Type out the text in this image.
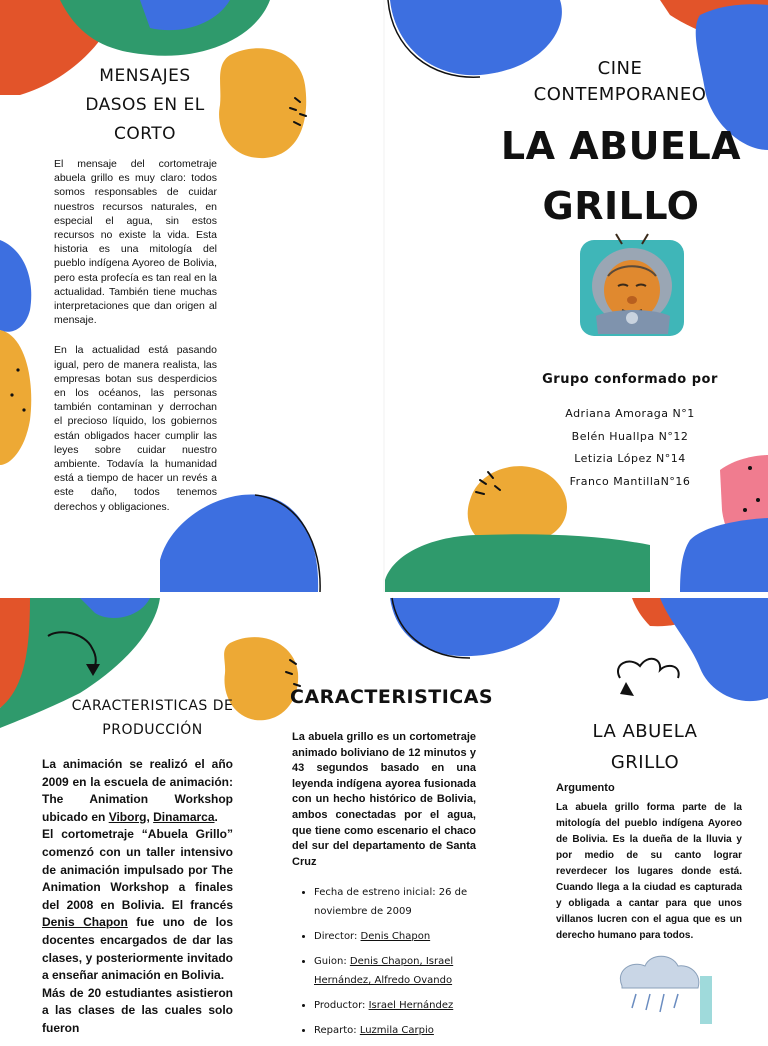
MENSAJES
DASOS EN EL
CORTO

El mensaje del cortometraje abuela grillo es muy claro: todos somos responsables de cuidar nuestros recursos naturales, en especial el agua, sin estos recursos no existe la vida. Esta historia es una mitología del pueblo indígena Ayoreo de Bolivia, pero esta profecía es tan real en la actualidad. También tiene muchas interpretaciones que dan origen al mensaje.

En la actualidad está pasando igual, pero de manera realista, las empresas botan sus desperdicios en los océanos, las personas también contaminan y derrochan el precioso líquido, los gobiernos están obligados hacer cumplir las leyes sobre cuidar nuestro ambiente. Todavía la humanidad está a tiempo de hacer un revés a este daño, todos tenemos derechos y obligaciones.

CINE
CONTEMPORANEO
LA ABUELA
GRILLO
Grupo conformado por
Adriana Amoraga N°1
Belén Huallpa N°12
Letizia López N°14
Franco MantillaN°16
CARACTERISTICAS DE
PRODUCCIÓN
La animación se realizó el año 2009 en la escuela de animación: The Animation Workshop ubicado en Viborg, Dinamarca.
El cortometraje “Abuela Grillo” comenzó con un taller intensivo de animación impulsado por The Animation Workshop a finales del 2008 en Bolivia. El francés Denis Chapon fue uno de los docentes encargados de dar las clases, y posteriormente invitado a enseñar animación en Bolivia.
Más de 20 estudiantes asistieron a las clases de las cuales solo fueron
CARACTERISTICAS
La abuela grillo es un cortometraje animado boliviano de 12 minutos y 43 segundos basado en una leyenda indígena ayorea fusionada con un hecho histórico de Bolivia, ambos conectadas por el agua, que tiene como escenario el chaco del sur del departamento de Santa Cruz
• Fecha de estreno inicial: 26 de noviembre de 2009
• Director: Denis Chapon
• Guion: Denis Chapon, Israel Hernández, Alfredo Ovando
• Productor: Israel Hernández
• Reparto: Luzmila Carpio
LA ABUELA
GRILLO
Argumento
La abuela grillo forma parte de la mitología del pueblo indígena Ayoreo de Bolivia. Es la dueña de la lluvia y por medio de su canto lograr reverdecer los lugares donde está. Cuando llega a la ciudad es capturada y obligada a cantar para que unos villanos lucren con el agua que es un derecho humano para todos.
